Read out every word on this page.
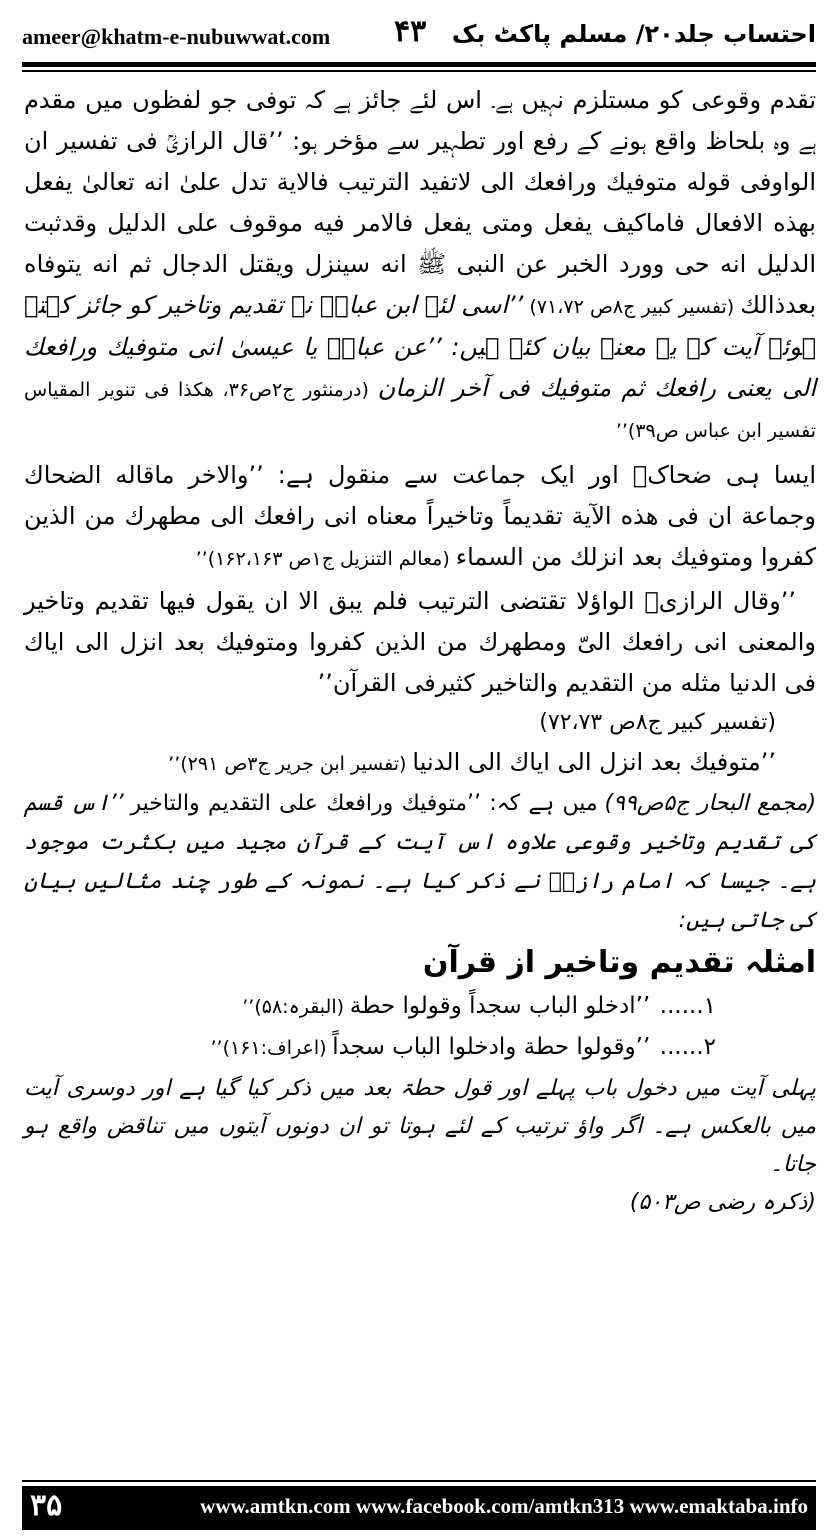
ameer@khatm-e-nubuwwat.com ۴۳ احتساب جلد۲۰/ مسلم پاکٹ بک

تقدم وقوعی کو مستلزم نہیں ہے۔ اس لئے جائز ہے کہ توفی جو لفظوں میں مقدم ہے وہ بلحاظ واقع ہونے کے رفع اور تطہیر سے مؤخر ہو: ’’قال الرازیؒ فی تفسیر ان الواوفی قوله متوفيك ورافعك الی لاتفيد الترتيب فالاية تدل علیٰ انه تعالیٰ يفعل بهذه الافعال فاماكيف يفعل ومتی يفعل فالامر فيه موقوف علی الدليل وقدثبت الدليل انه حی وورد الخبر عن النبی ﷺ انه سينزل ويقتل الدجال ثم انه يتوفاه بعدذالك (تفسیر کبیر ج۸ص ۷۱،۷۲) ’’اسی لئے ابن عباسؓ نے تقدیم وتاخیر کو جائز کہتے ہوئے آیت کے یہ معنے بیان کئے ہیں: ’’عن عباسؓ یا عیسیٰ انی متوفيك ورافعك الی يعنی رافعك ثم متوفيك فی آخر الزمان (درمنثور ج۲ص۳۶، هكذا فی تنوير المقياس تفسير ابن عباس ص۳۹)’’

ایسا ہی ضحاکؒ اور ایک جماعت سے منقول ہے: ’’والاخر ماقاله الضحاك وجماعة ان فی هذه الآية تقديماً وتاخيراً معناه انی رافعك الی مطهرك من الذين كفروا ومتوفيك بعد انزلك من السماء (معالم التنزیل ج۱ص ۱۶۲،۱۶۳)’’

’’وقال الرازیؒ الواؤلا تقتضی الترتيب فلم يبق الا ان يقول فيها تقديم وتاخير والمعنی انی رافعك الیّ ومطهرك من الذين كفروا ومتوفيك بعد انزل الی اياك فی الدنيا مثله من التقديم والتاخير كثيرفی القرآن’’

(تفسیر کبیر ج۸ص ۷۲،۷۳)

’’متوفيك بعد انزل الی اياك الی الدنيا (تفسیر ابن جریر ج۳ص ۲۹۱)’’

(مجمع البحار ج۵ص۹۹) میں ہے کہ: ’’متوفيك ورافعك علی التقديم والتاخير ’’اس قسم کی تقدیم وتاخیر وقوعی علاوہ اس آیت کے قرآن مجید میں بکثرت موجود ہے۔ جیسا کہ امام رازیؒ نے ذکر کیا ہے۔ نمونہ کے طور چند مثالیں بیان کی جاتی ہیں:

امثلہ تقدیم وتاخیر از قرآن

۱...... ’’ادخلو الباب سجداً وقولوا حطة (البقرہ:۵۸)’’

۲...... ’’وقولوا حطة وادخلوا الباب سجداً (اعراف:۱۶۱)’’

پہلی آیت میں دخول باب پہلے اور قول حطۃ بعد میں ذکر کیا گیا ہے اور دوسری آیت میں بالعکس ہے۔ اگر واؤ ترتیب کے لئے ہوتا تو ان دونوں آیتوں میں تناقض واقع ہو جاتا۔

(ذکرہ رضی ص۵۰۳)

۳۵	www.amtkn.com www.facebook.com/amtkn313 www.emaktaba.info
